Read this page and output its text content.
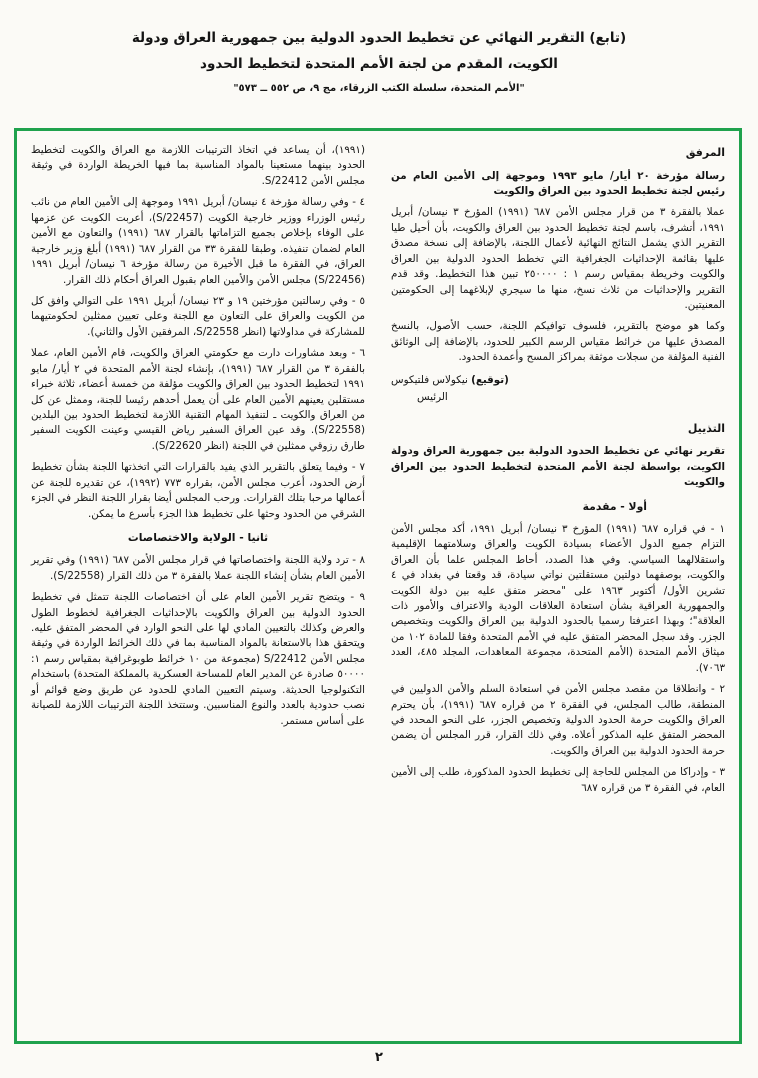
(تابع) التقرير النهائي عن تخطيط الحدود الدولية بين جمهورية العراق ودولة
الكويت، المقدم من لجنة الأمم المتحدة لتخطيط الحدود
"الأمم المتحدة، سلسلة الكتب الزرقاء، مج ٩، ص ٥٥٢ ــ ٥٧٣"
المرفق

رسالة مؤرخة ٢٠ أيار/ مايو ١٩٩٣ وموجهة إلى الأمين العام من رئيس لجنة تخطيط الحدود بين العراق والكويت

عملا بالفقرة ٣ من قرار مجلس الأمن ٦٨٧ (١٩٩١) المؤرخ ٣ نيسان/ أبريل ١٩٩١، أتشرف، باسم لجنة تخطيط الحدود بين العراق والكويت، بأن أحيل طيا التقرير الذي يشمل النتائج النهائية لأعمال اللجنة، بالإضافة إلى نسخة مصدق عليها بقائمة الإحداثيات الجغرافية التي تخطط الحدود الدولية بين العراق والكويت وخريطة بمقياس رسم ١ : ٢٥٠٠٠٠ تبين هذا التخطيط. وقد قدم التقرير والإحداثيات من ثلاث نسخ، منها ما سيجري لإبلاغهما إلى الحكومتين المعنيتين.

وكما هو موضح بالتقرير، فلسوف توافيكم اللجنة، حسب الأصول، بالنسخ المصدق عليها من خرائط مقياس الرسم الكبير للحدود، بالإضافة إلى الوثائق الفنية المؤلفة من سجلات موثقة بمراكز المسح وأعمدة الحدود.

(توقيع) نيكولاس فلتيكوس
الرئيس
التذييل

تقرير نهائي عن تخطيط الحدود الدولية بين جمهورية العراق ودولة الكويت، بواسطة لجنة الأمم المتحدة لتخطيط الحدود بين العراق والكويت

أولا - مقدمة

١ - في قراره ٦٨٧ (١٩٩١) المؤرخ ٣ نيسان/ أبريل ١٩٩١، أكد مجلس الأمن التزام جميع الدول الأعضاء بسيادة الكويت والعراق وسلامتهما الإقليمية واستقلالهما السياسي. وفي هذا الصدد، أحاط المجلس علما بأن العراق والكويت، بوصفهما دولتين مستقلتين نواتي سيادة، قد وقعتا في بغداد في ٤ تشرين الأول/ أكتوبر ١٩٦٣ على "محضر متفق عليه بين دولة الكويت والجمهورية العراقية بشأن استعادة العلاقات الودية والاعتراف والأمور ذات العلاقة"؛ وبهذا اعترفتا رسميا بالحدود الدولية بين العراق والكويت وبتخصيص الجزر. وقد سجل المحضر المتفق عليه في الأمم المتحدة وفقا للمادة ١٠٢ من ميثاق الأمم المتحدة (الأمم المتحدة، مجموعة المعاهدات، المجلد ٤٨٥، العدد ٧٠٦٣).

٢ - وانطلاقا من مقصد مجلس الأمن في استعادة السلم والأمن الدوليين في المنطقة، طالب المجلس، في الفقرة ٢ من قراره ٦٨٧ (١٩٩١)، بأن يحترم العراق والكويت حرمة الحدود الدولية وتخصيص الجزر، على النحو المحدد في المحضر المتفق عليه المذكور أعلاه. وفي ذلك القرار، قرر المجلس أن يضمن حرمة الحدود الدولية بين العراق والكويت.

٣ - وإدراكا من المجلس للحاجة إلى تخطيط الحدود المذكورة، طلب إلى الأمين العام، في الفقرة ٣ من قراره ٦٨٧

(١٩٩١)، أن يساعد في اتخاذ الترتيبات اللازمة مع العراق والكويت لتخطيط الحدود بينهما مستعينا بالمواد المناسبة بما فيها الخريطة الواردة في وثيقة مجلس الأمن S/22412.

٤ - وفي رسالة مؤرخة ٤ نيسان/ أبريل ١٩٩١ وموجهة إلى الأمين العام من نائب رئيس الوزراء ووزير خارجية الكويت (S/22457)، أعربت الكويت عن عزمها على الوفاء بإخلاص بجميع التزاماتها بالقرار ٦٨٧ (١٩٩١) والتعاون مع الأمين العام لضمان تنفيذه. وطبقا للفقرة ٣٣ من القرار ٦٨٧ (١٩٩١) أبلغ وزير خارجية العراق، في الفقرة ما قبل الأخيرة من رسالة مؤرخة ٦ نيسان/ أبريل ١٩٩١ (S/22456) مجلس الأمن والأمين العام بقبول العراق أحكام ذلك القرار.

٥ - وفي رسالتين مؤرختين ١٩ و ٢٣ نيسان/ أبريل ١٩٩١ على التوالي وافق كل من الكويت والعراق على التعاون مع اللجنة وعلى تعيين ممثلين لحكومتيهما للمشاركة في مداولاتها (انظر S/22558، المرفقين الأول والثاني).

٦ - وبعد مشاورات دارت مع حكومتي العراق والكويت، قام الأمين العام، عملا بالفقرة ٣ من القرار ٦٨٧ (١٩٩١)، بإنشاء لجنة الأمم المتحدة في ٢ أيار/ مايو ١٩٩١ لتخطيط الحدود بين العراق والكويت مؤلفة من خمسة أعضاء، ثلاثة خبراء مستقلين يعينهم الأمين العام على أن يعمل أحدهم رئيسا للجنة، وممثل عن كل من العراق والكويت ـ لتنفيذ المهام التقنية اللازمة لتخطيط الحدود بين البلدين (S/22558). وقد عين العراق السفير رياض القيسي وعينت الكويت السفير طارق رزوقي ممثلين في اللجنة (انظر S/22620).

٧ - وفيما يتعلق بالتقرير الذي يفيد بالقرارات التي اتخذتها اللجنة بشأن تخطيط أرض الحدود، أعرب مجلس الأمن، بقراره ٧٧٣ (١٩٩٢)، عن تقديره للجنة عن أعمالها مرحبا بتلك القرارات. ورحب المجلس أيضا بقرار اللجنة النظر في الجزء الشرقي من الحدود وحثها على تخطيط هذا الجزء بأسرع ما يمكن.

ثانيا - الولاية والاختصاصات

٨ - ترد ولاية اللجنة واختصاصاتها في قرار مجلس الأمن ٦٨٧ (١٩٩١) وفي تقرير الأمين العام بشأن إنشاء اللجنة عملا بالفقرة ٣ من ذلك القرار (S/22558).

٩ - ويتضح تقرير الأمين العام على أن اختصاصات اللجنة تتمثل في تخطيط الحدود الدولية بين العراق والكويت بالإحداثيات الجغرافية لخطوط الطول والعرض وكذلك بالتعيين المادي لها على النحو الوارد في المحضر المتفق عليه. ويتحقق هذا بالاستعانة بالمواد المناسبة بما في ذلك الخرائط الواردة في وثيقة مجلس الأمن S/22412 (مجموعة من ١٠ خرائط طوبوغرافية بمقياس رسم ١: ٥٠٠٠٠ صادرة عن المدير العام للمساحة العسكرية بالمملكة المتحدة) باستخدام التكنولوجيا الحديثة. وسيتم التعيين المادي للحدود عن طريق وضع قوائم أو نصب حدودية بالعدد والنوع المناسبين. وستتخذ اللجنة الترتيبات اللازمة للصيانة على أساس مستمر.

٢
